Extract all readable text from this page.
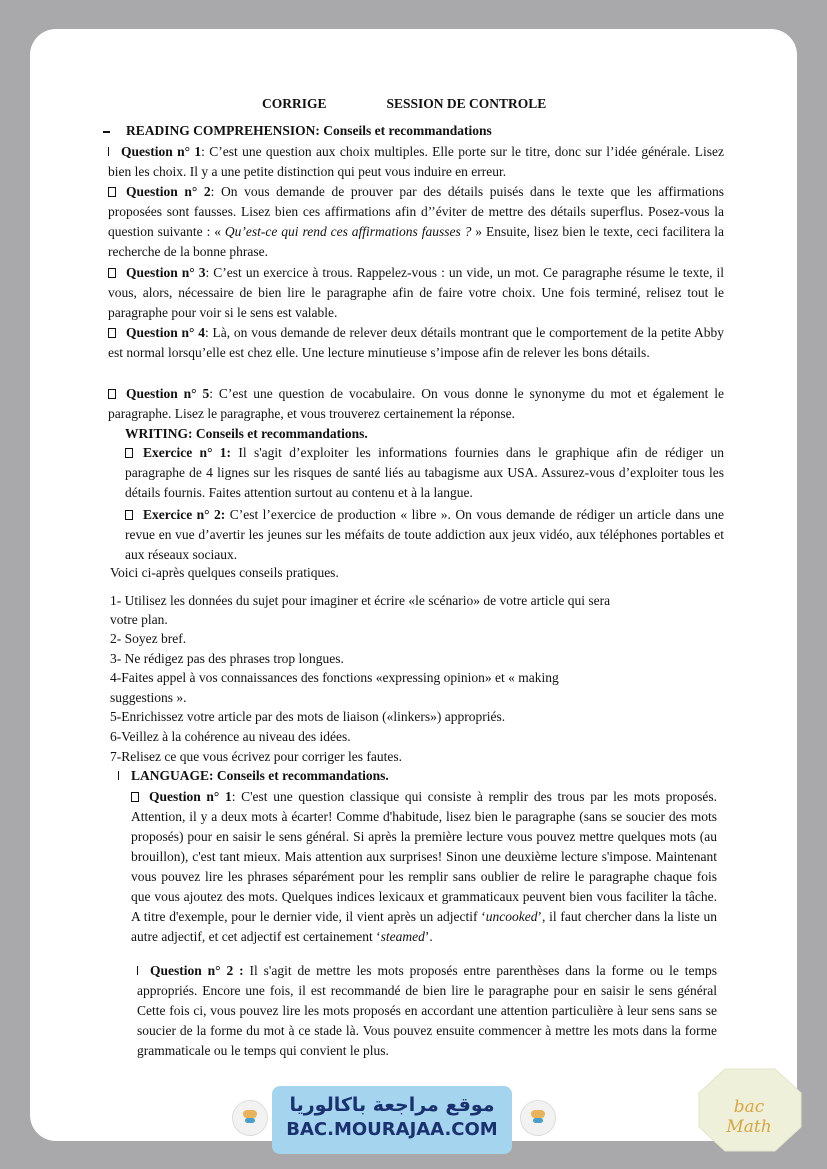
CORRIGE	SESSION DE CONTROLE
READING COMPREHENSION: Conseils et recommandations
Question n° 1: C’est une question aux choix multiples. Elle porte sur le titre, donc sur l’idée générale. Lisez bien les choix. Il y a une petite distinction qui peut vous induire en erreur.
Question n° 2: On vous demande de prouver par des détails puisés dans le texte que les affirmations proposées sont fausses. Lisez bien ces affirmations afin d’’éviter de mettre des détails superflus. Posez-vous la question suivante : « Qu’est-ce qui rend ces affirmations fausses ? » Ensuite, lisez bien le texte, ceci facilitera la recherche de la bonne phrase.
Question n° 3: C’est un exercice à trous. Rappelez-vous : un vide, un mot. Ce paragraphe résume le texte, il vous, alors, nécessaire de bien lire le paragraphe afin de faire votre choix. Une fois terminé, relisez tout le paragraphe pour voir si le sens est valable.
Question n° 4: Là, on vous demande de relever deux détails montrant que le comportement de la petite Abby est normal lorsqu’elle est chez elle. Une lecture minutieuse s’impose afin de relever les bons détails.
Question n° 5: C’est une question de vocabulaire. On vous donne le synonyme du mot et également le paragraphe. Lisez le paragraphe, et vous trouverez certainement la réponse.
WRITING: Conseils et recommandations.
Exercice n° 1: Il s'agit d’exploiter les informations fournies dans le graphique afin de rédiger un paragraphe de 4 lignes sur les risques de santé liés au tabagisme aux USA. Assurez-vous d’exploiter tous les détails fournis. Faites attention surtout au contenu et à la langue.
Exercice n° 2: C’est l’exercice de production « libre ». On vous demande de rédiger un article dans une revue en vue d’avertir les jeunes sur les méfaits de toute addiction aux jeux vidéo, aux téléphones portables et aux réseaux sociaux.
Voici ci-après quelques conseils pratiques.
1- Utilisez les données du sujet pour imaginer et écrire «le scénario» de votre article qui sera
votre plan.
2- Soyez bref.
3- Ne rédigez pas des phrases trop longues.
4-Faites appel à vos connaissances des fonctions «expressing opinion» et « making
suggestions ».
5-Enrichissez votre article par des mots de liaison («linkers») appropriés.
6-Veillez à la cohérence au niveau des idées.
7-Relisez ce que vous écrivez pour corriger les fautes.
LANGUAGE: Conseils et recommandations.
Question n° 1: C'est une question classique qui consiste à remplir des trous par les mots proposés. Attention, il y a deux mots à écarter! Comme d'habitude, lisez bien le paragraphe (sans se soucier des mots proposés) pour en saisir le sens général. Si après la première lecture vous pouvez mettre quelques mots (au brouillon), c'est tant mieux. Mais attention aux surprises! Sinon une deuxième lecture s'impose. Maintenant vous pouvez lire les phrases séparément pour les remplir sans oublier de relire le paragraphe chaque fois que vous ajoutez des mots. Quelques indices lexicaux et grammaticaux peuvent bien vous faciliter la tâche. A titre d'exemple, pour le dernier vide, il vient après un adjectif ‘uncooked’, il faut chercher dans la liste un autre adjectif, et cet adjectif est certainement ‘steamed’.
Question n° 2 : Il s'agit de mettre les mots proposés entre parenthèses dans la forme ou le temps appropriés. Encore une fois, il est recommandé de bien lire le paragraphe pour en saisir le sens général Cette fois ci, vous pouvez lire les mots proposés en accordant une attention particulière à leur sens sans se soucier de la forme du mot à ce stade là. Vous pouvez ensuite commencer à mettre les mots dans la forme grammaticale ou le temps qui convient le plus.
موقع مراجعة باكالوريا
BAC.MOURAJAA.COM
bac Math
